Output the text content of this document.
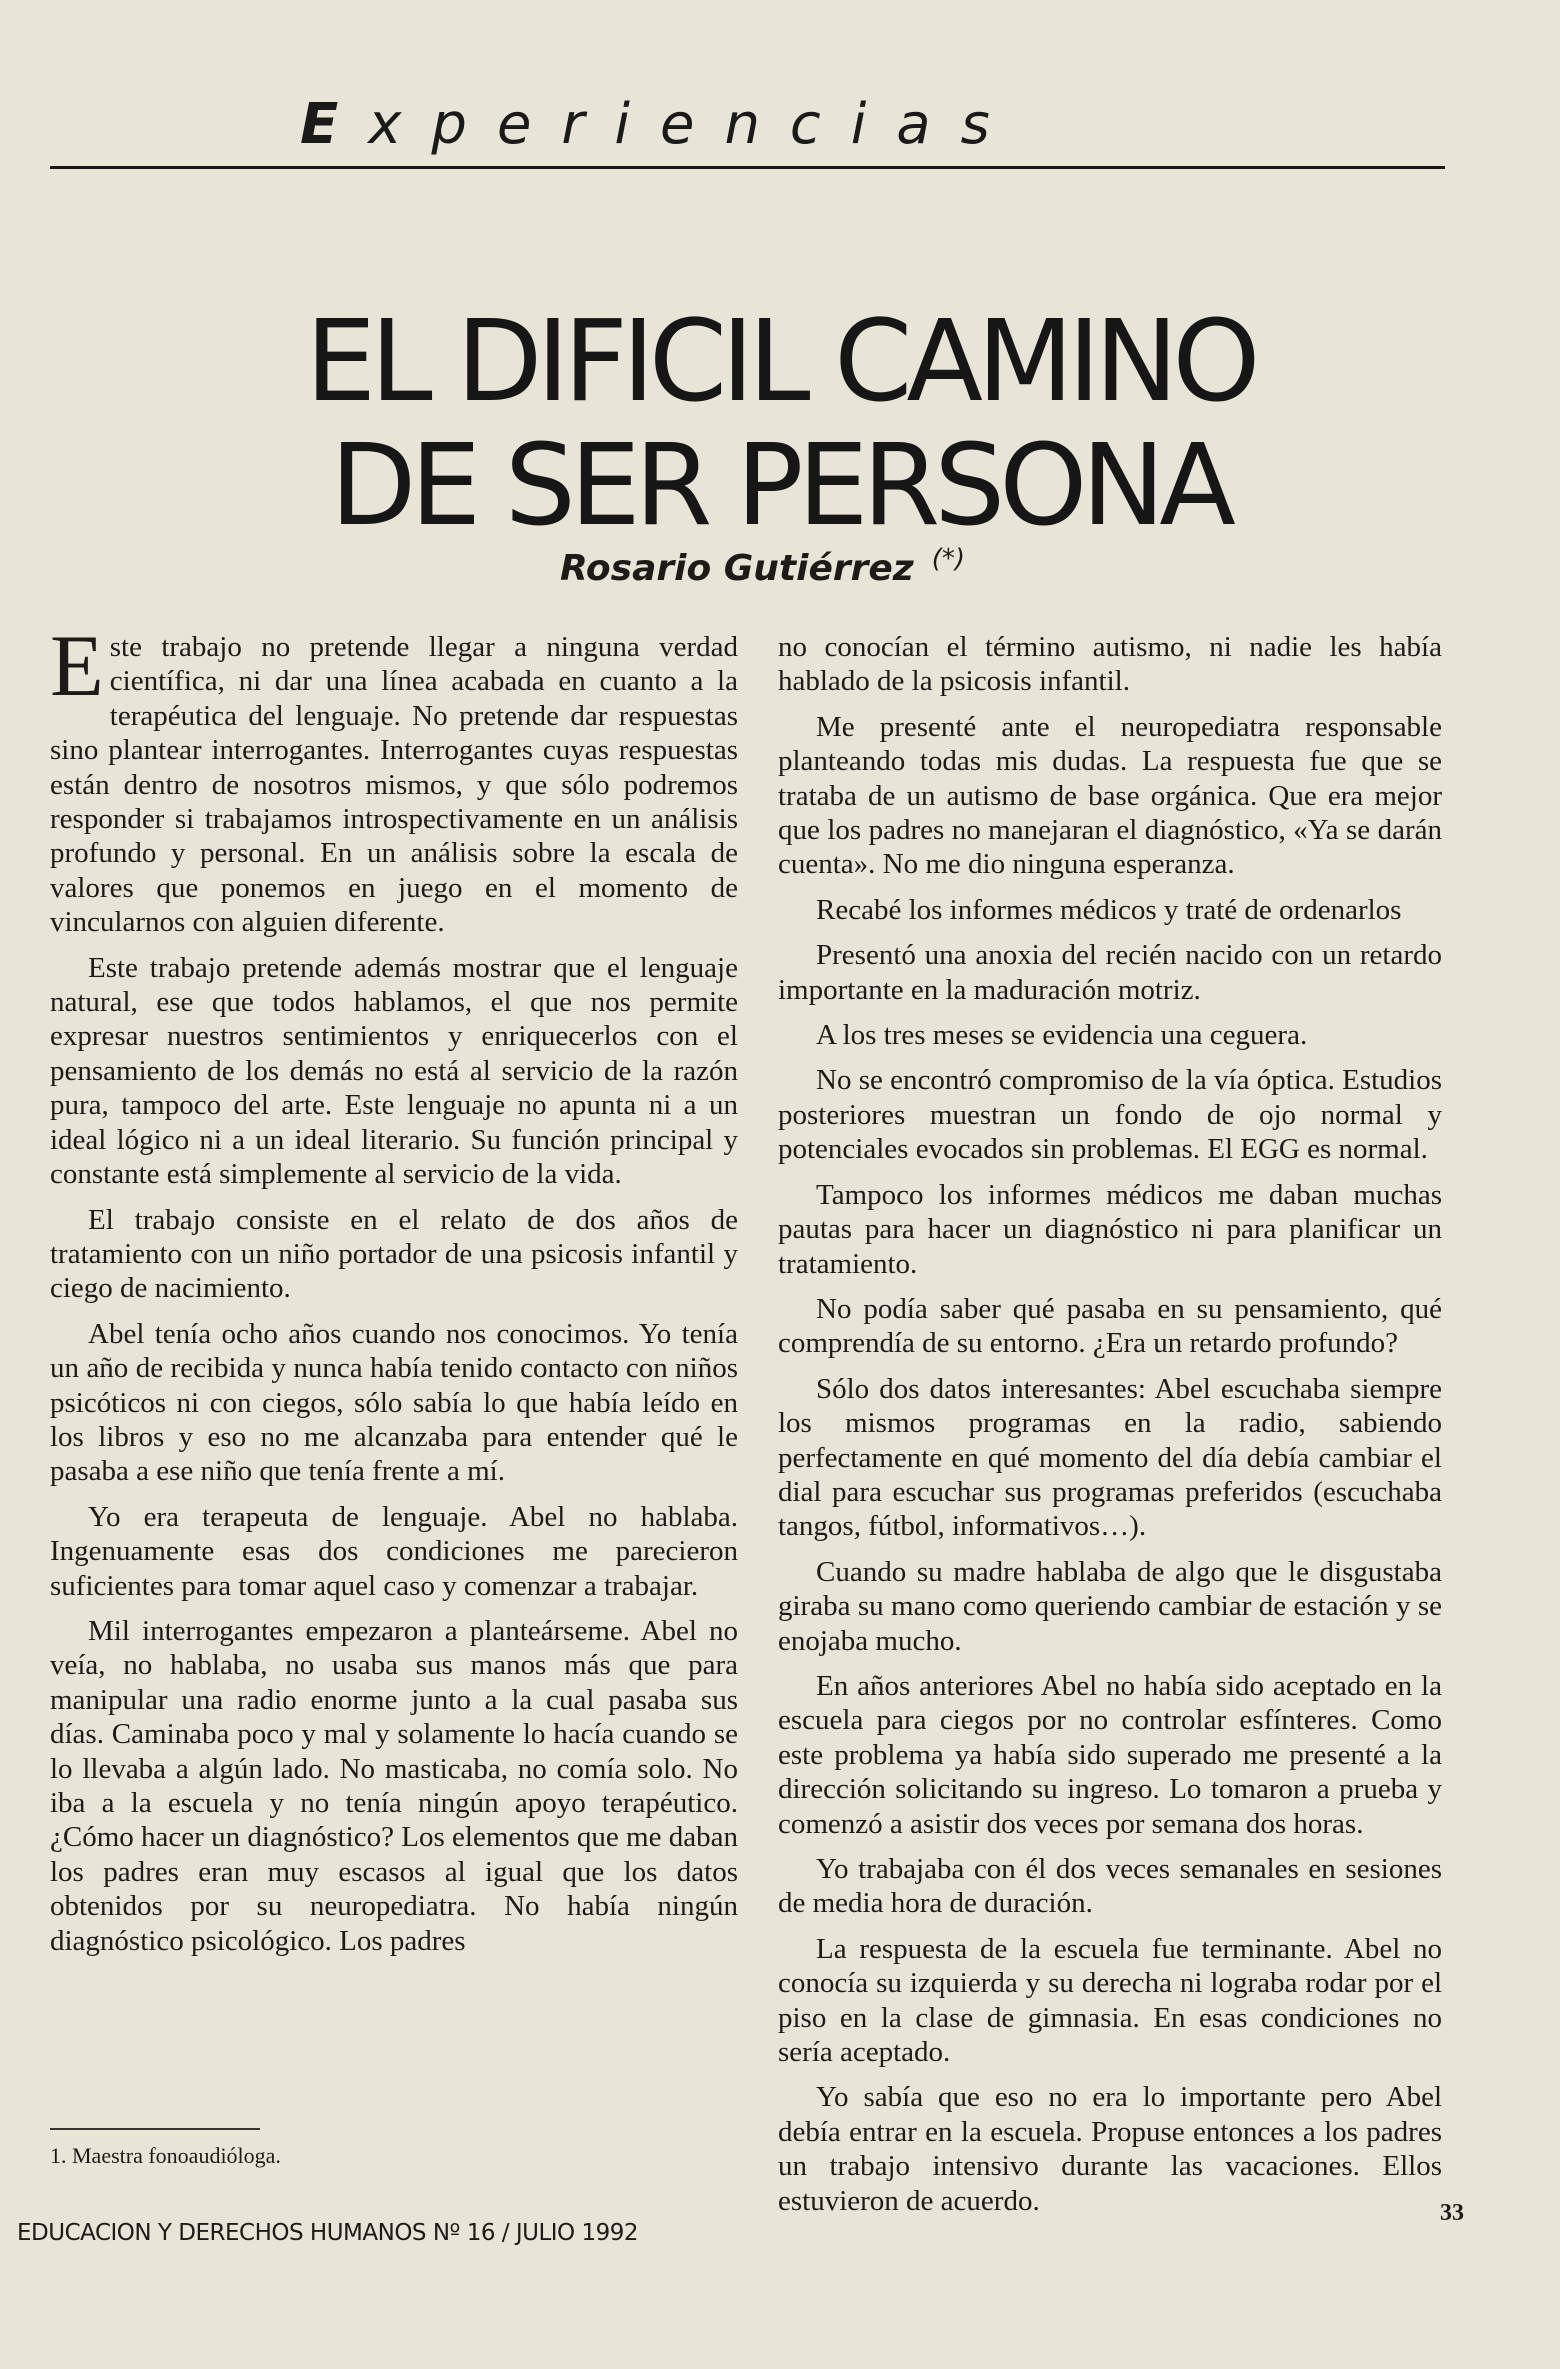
Experiencias
EL DIFICIL CAMINO
DE SER PERSONA
Rosario Gutiérrez (*)

Este trabajo no pretende llegar a ninguna verdad científica, ni dar una línea acabada en cuanto a la terapéutica del lenguaje. No pretende dar respuestas sino plantear interrogantes. Interrogantes cuyas respuestas están dentro de nosotros mismos, y que sólo podremos responder si trabajamos introspectivamente en un análisis profundo y personal. En un análisis sobre la escala de valores que ponemos en juego en el momento de vincularnos con alguien diferente.

Este trabajo pretende además mostrar que el lenguaje natural, ese que todos hablamos, el que nos permite expresar nuestros sentimientos y enriquecerlos con el pensamiento de los demás no está al servicio de la razón pura, tampoco del arte. Este lenguaje no apunta ni a un ideal lógico ni a un ideal literario. Su función principal y constante está simplemente al servicio de la vida.

El trabajo consiste en el relato de dos años de tratamiento con un niño portador de una psicosis infantil y ciego de nacimiento.

Abel tenía ocho años cuando nos conocimos. Yo tenía un año de recibida y nunca había tenido contacto con niños psicóticos ni con ciegos, sólo sabía lo que había leído en los libros y eso no me alcanzaba para entender qué le pasaba a ese niño que tenía frente a mí.

Yo era terapeuta de lenguaje. Abel no hablaba. Ingenuamente esas dos condiciones me parecieron suficientes para tomar aquel caso y comenzar a trabajar.

Mil interrogantes empezaron a planteárseme. Abel no veía, no hablaba, no usaba sus manos más que para manipular una radio enorme junto a la cual pasaba sus días. Caminaba poco y mal y solamente lo hacía cuando se lo llevaba a algún lado. No masticaba, no comía solo. No iba a la escuela y no tenía ningún apoyo terapéutico. ¿Cómo hacer un diagnóstico? Los elementos que me daban los padres eran muy escasos al igual que los datos obtenidos por su neuropediatra. No había ningún diagnóstico psicológico. Los padres

no conocían el término autismo, ni nadie les había hablado de la psicosis infantil.

Me presenté ante el neuropediatra responsable planteando todas mis dudas. La respuesta fue que se trataba de un autismo de base orgánica. Que era mejor que los padres no manejaran el diagnóstico, «Ya se darán cuenta». No me dio ninguna esperanza.

Recabé los informes médicos y traté de ordenarlos

Presentó una anoxia del recién nacido con un retardo importante en la maduración motriz.

A los tres meses se evidencia una ceguera.

No se encontró compromiso de la vía óptica. Estudios posteriores muestran un fondo de ojo normal y potenciales evocados sin problemas. El EGG es normal.

Tampoco los informes médicos me daban muchas pautas para hacer un diagnóstico ni para planificar un tratamiento.

No podía saber qué pasaba en su pensamiento, qué comprendía de su entorno. ¿Era un retardo profundo?

Sólo dos datos interesantes: Abel escuchaba siempre los mismos programas en la radio, sabiendo perfectamente en qué momento del día debía cambiar el dial para escuchar sus programas preferidos (escuchaba tangos, fútbol, informativos…).

Cuando su madre hablaba de algo que le disgustaba giraba su mano como queriendo cambiar de estación y se enojaba mucho.

En años anteriores Abel no había sido aceptado en la escuela para ciegos por no controlar esfínteres. Como este problema ya había sido superado me presenté a la dirección solicitando su ingreso. Lo tomaron a prueba y comenzó a asistir dos veces por semana dos horas.

Yo trabajaba con él dos veces semanales en sesiones de media hora de duración.

La respuesta de la escuela fue terminante. Abel no conocía su izquierda y su derecha ni lograba rodar por el piso en la clase de gimnasia. En esas condiciones no sería aceptado.

Yo sabía que eso no era lo importante pero Abel debía entrar en la escuela. Propuse entonces a los padres un trabajo intensivo durante las vacaciones. Ellos estuvieron de acuerdo.

1. Maestra fonoaudióloga.
EDUCACION Y DERECHOS HUMANOS Nº 16 / JULIO 1992
33
